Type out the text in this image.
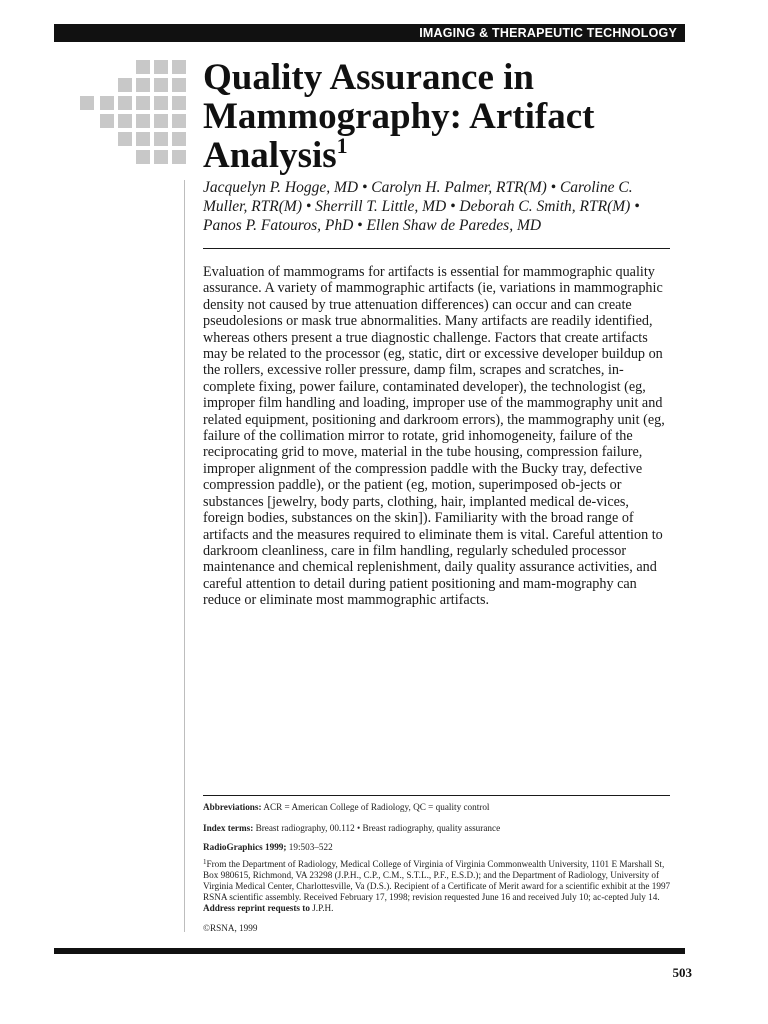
IMAGING & THERAPEUTIC TECHNOLOGY
Quality Assurance in Mammography: Artifact Analysis$^1$

Jacquelyn P. Hogge, MD • Carolyn H. Palmer, RTR(M) • Caroline C. Muller, RTR(M) • Sherrill T. Little, MD • Deborah C. Smith, RTR(M) • Panos P. Fatouros, PhD • Ellen Shaw de Paredes, MD

Evaluation of mammograms for artifacts is essential for mammographic quality assurance. A variety of mammographic artifacts (ie, variations in mammographic density not caused by true attenuation differences) can occur and can create pseudolesions or mask true abnormalities. Many artifacts are readily identified, whereas others present a true diagnostic challenge. Factors that create artifacts may be related to the processor (eg, static, dirt or excessive developer buildup on the rollers, excessive roller pressure, damp film, scrapes and scratches, in-complete fixing, power failure, contaminated developer), the technologist (eg, improper film handling and loading, improper use of the mammography unit and related equipment, positioning and darkroom errors), the mammography unit (eg, failure of the collimation mirror to rotate, grid inhomogeneity, failure of the reciprocating grid to move, material in the tube housing, compression failure, improper alignment of the compression paddle with the Bucky tray, defective compression paddle), or the patient (eg, motion, superimposed ob-jects or substances [jewelry, body parts, clothing, hair, implanted medical de-vices, foreign bodies, substances on the skin]). Familiarity with the broad range of artifacts and the measures required to eliminate them is vital. Careful attention to darkroom cleanliness, care in film handling, regularly scheduled processor maintenance and chemical replenishment, daily quality assurance activities, and careful attention to detail during patient positioning and mam-mography can reduce or eliminate most mammographic artifacts.

Abbreviations: ACR = American College of Radiology, QC = quality control

Index terms: Breast radiography, 00.112 • Breast radiography, quality assurance

RadioGraphics 1999; 19:503–522

$^1$From the Department of Radiology, Medical College of Virginia of Virginia Commonwealth University, 1101 E Marshall St, Box 980615, Richmond, VA 23298 (J.P.H., C.P., C.M., S.T.L., P.F., E.S.D.); and the Department of Radiology, University of Virginia Medical Center, Charlottesville, Va (D.S.). Recipient of a Certificate of Merit award for a scientific exhibit at the 1997 RSNA scientific assembly. Received February 17, 1998; revision requested June 16 and received July 10; ac-cepted July 14. Address reprint requests to J.P.H.

©RSNA, 1999

503
